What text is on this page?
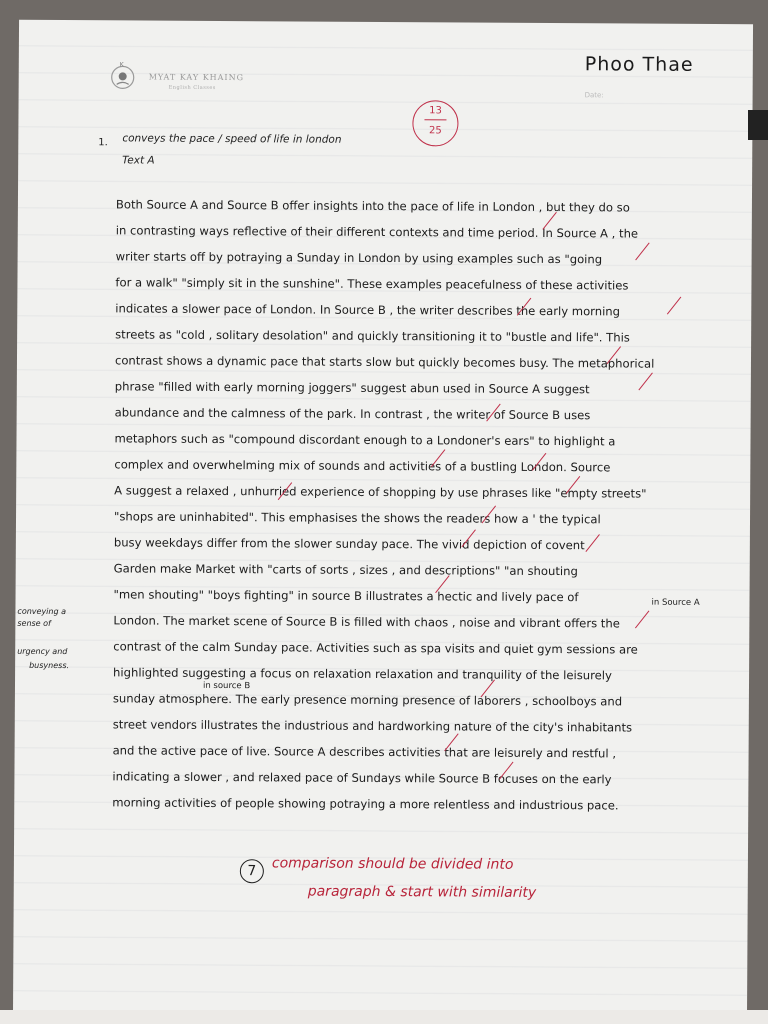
K
MYAT KAY KHAING
English Classes
Phoo Thae
Date:
13
25
1. conveys the pace / speed of life in london
Text A
Both Source A and Source B offer insights into the pace of life in London , but they do so
in contrasting ways reflective of their different contexts and time period. In Source A , the
writer starts off by potraying a Sunday in London by using examples such as "going
for a walk" "simply sit in the sunshine". These examples peacefulness of these activities
indicates a slower pace of London. In Source B , the writer describes the early morning
streets as "cold , solitary desolation" and quickly transitioning it to "bustle and life". This
contrast shows a dynamic pace that starts slow but quickly becomes busy. The metaphorical
phrase "filled with early morning joggers" suggest abun used in Source A suggest
abundance and the calmness of the park. In contrast , the writer of Source B uses
metaphors such as "compound discordant enough to a Londoner's ears" to highlight a
complex and overwhelming mix of sounds and activities of a bustling London. Source
A suggest a relaxed , unhurried experience of shopping by use phrases like "empty streets"
"shops are uninhabited". This emphasises the shows the readers how a ' the typical
busy weekdays differ from the slower sunday pace. The vivid depiction of covent
Garden make Market with "carts of sorts , sizes , and descriptions" "an shouting
"men shouting" "boys fighting" in source B illustrates a hectic and lively pace of
London. The market scene of Source B is filled with chaos , noise and vibrant offers the
contrast of the calm Sunday pace. Activities such as spa visits and quiet gym sessions are
highlighted suggesting a focus on relaxation relaxation and tranquility of the leisurely
sunday atmosphere. The early presence morning presence of laborers , schoolboys and
street vendors illustrates the industrious and hardworking nature of the city's inhabitants
and the active pace of live. Source A describes activities that are leisurely and restful ,
indicating a slower , and relaxed pace of Sundays while Source B focuses on the early
morning activities of people showing potraying a more relentless and industrious pace.
in Source A
in source B
conveying a
sense of
urgency and
busyness.
7	comparison should be divided into
paragraph & start with similarity
